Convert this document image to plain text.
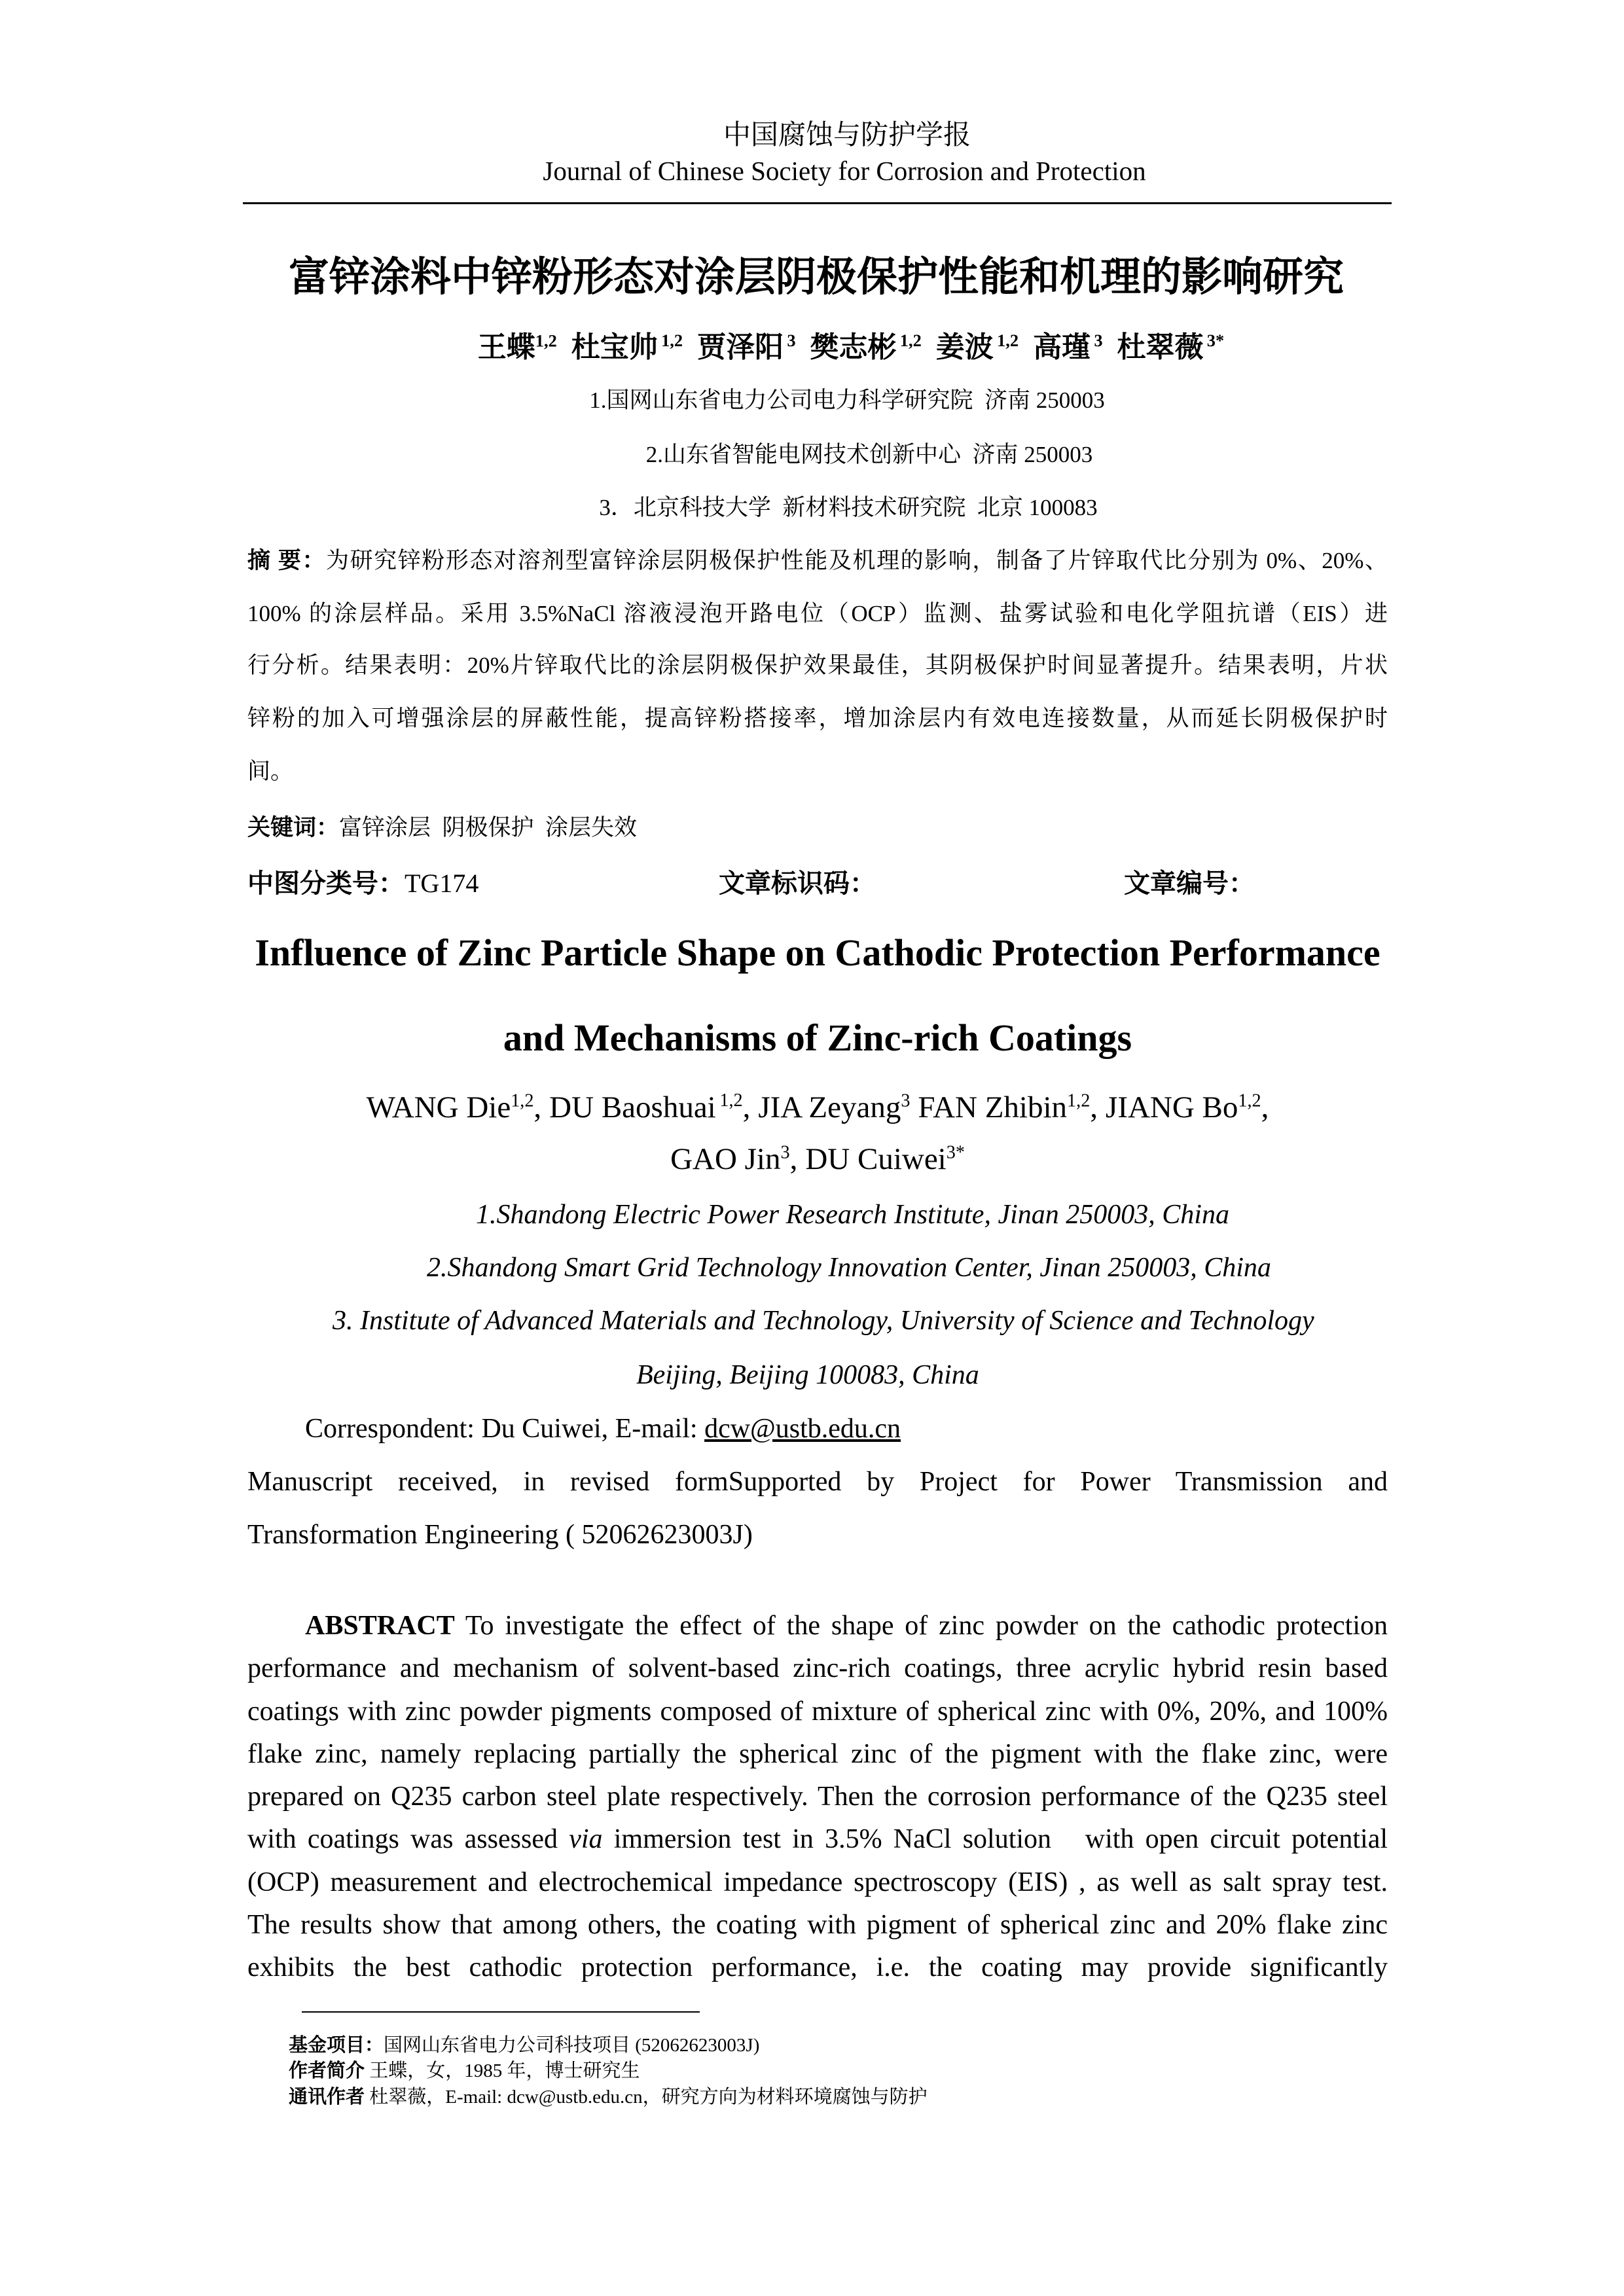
中国腐蚀与防护学报
Journal of Chinese Society for Corrosion and Protection
富锌涂料中锌粉形态对涂层阴极保护性能和机理的影响研究
王蝶$^{1,2}$ 杜宝帅 $^{1,2}$ 贾泽阳 $^3$ 樊志彬 $^{1,2}$ 姜波 $^{1,2}$ 高瑾 $^3$ 杜翠薇 $^{3*}$
1.国网山东省电力公司电力科学研究院  济南 250003
2.山东省智能电网技术创新中心  济南 250003
3．北京科技大学  新材料技术研究院  北京 100083
摘 要：为研究锌粉形态对溶剂型富锌涂层阴极保护性能及机理的影响，制备了片锌取代比分别为 0%、20%、
100% 的涂层样品。采用 3.5%NaCl 溶液浸泡开路电位（OCP）监测、盐雾试验和电化学阻抗谱（EIS）进
行分析。结果表明：20%片锌取代比的涂层阴极保护效果最佳，其阴极保护时间显著提升。结果表明，片状
锌粉的加入可增强涂层的屏蔽性能，提高锌粉搭接率，增加涂层内有效电连接数量，从而延长阴极保护时
间。
关键词：富锌涂层  阴极保护  涂层失效
中图分类号：TG174	文章标识码：	文章编号：
Influence of Zinc Particle Shape on Cathodic Protection Performance
and Mechanisms of Zinc-rich Coatings
WANG Die$^{1,2}$, DU Baoshuai $^{1,2}$, JIA Zeyang$^3$ FAN Zhibin$^{1,2}$, JIANG Bo$^{1,2}$,
GAO Jin$^3$, DU Cuiwei$^{3*}$
1.Shandong Electric Power Research Institute, Jinan 250003, China
2.Shandong Smart Grid Technology Innovation Center, Jinan 250003, China
3. Institute of Advanced Materials and Technology, University of Science and Technology
Beijing, Beijing 100083, China
Correspondent: Du Cuiwei, E-mail: dcw@ustb.edu.cn
Manuscript received, in revised formSupported by Project for Power Transmission and
Transformation Engineering ( 52062623003J)
ABSTRACT To investigate the effect of the shape of zinc powder on the cathodic protection
performance and mechanism of solvent-based zinc-rich coatings, three acrylic hybrid resin based
coatings with zinc powder pigments composed of mixture of spherical zinc with 0%, 20%, and 100%
flake zinc, namely replacing partially the spherical zinc of the pigment with the flake zinc, were
prepared on Q235 carbon steel plate respectively. Then the corrosion performance of the Q235 steel
with coatings was assessed via immersion test in 3.5% NaCl solution   with open circuit potential
(OCP) measurement and electrochemical impedance spectroscopy (EIS) , as well as salt spray test.
The results show that among others, the coating with pigment of spherical zinc and 20% flake zinc
exhibits the best cathodic protection performance, i.e. the coating may provide significantly
基金项目：国网山东省电力公司科技项目 (52062623003J)
作者简介 王蝶，女，1985 年，博士研究生
通讯作者 杜翠薇，E-mail: dcw@ustb.edu.cn，研究方向为材料环境腐蚀与防护
